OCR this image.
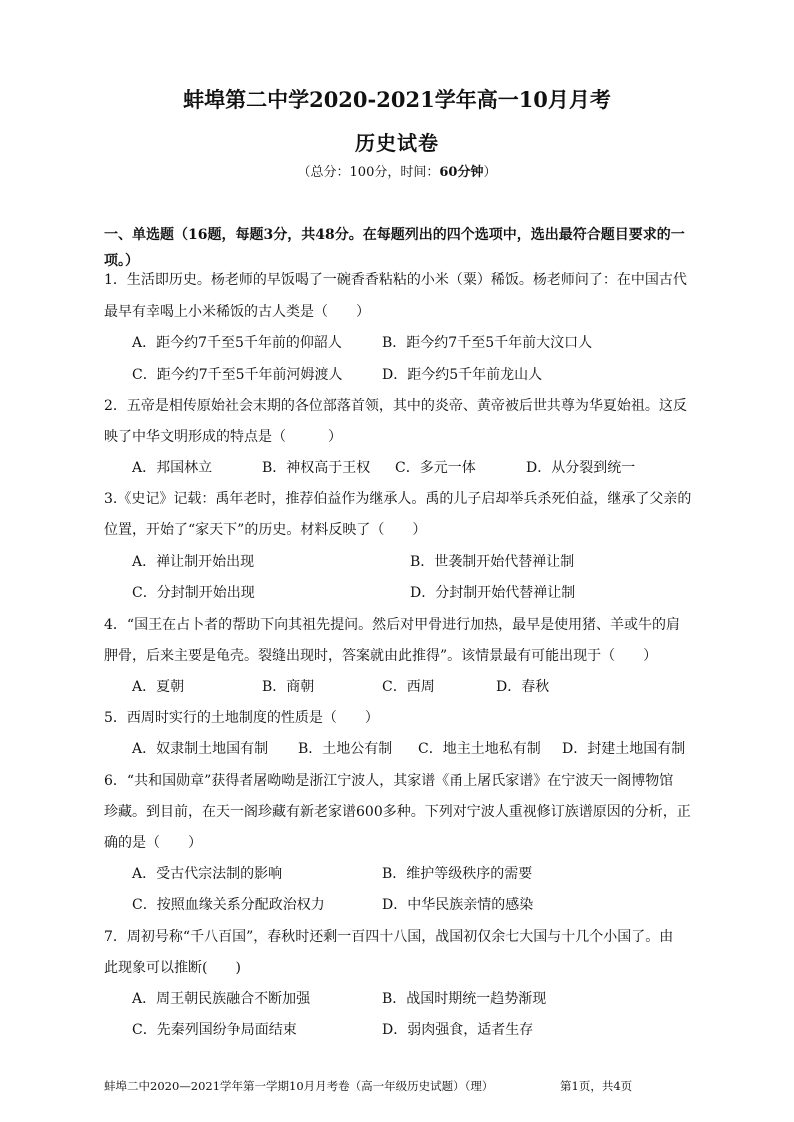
蚌埠第二中学2020-2021学年高一10月月考
历史试卷
（总分：100分，时间：60分钟）
一、单选题（16题，每题3分，共48分。在每题列出的四个选项中，选出最符合题目要求的一
项。）
1．生活即历史。杨老师的早饭喝了一碗香香粘粘的小米（粟）稀饭。杨老师问了：在中国古代
最早有幸喝上小米稀饭的古人类是（　　）
A．距今约7千至5千年前的仰韶人	B．距今约7千至5千年前大汶口人
C．距今约7千至5千年前河姆渡人	D．距今约5千年前龙山人
2．五帝是相传原始社会末期的各位部落首领，其中的炎帝、黄帝被后世共尊为华夏始祖。这反
映了中华文明形成的特点是（　　　）
A．邦国林立	B．神权高于王权 C．多元一体	D．从分裂到统一
3.《史记》记载：禹年老时，推荐伯益作为继承人。禹的儿子启却举兵杀死伯益，继承了父亲的
位置，开始了“家天下”的历史。材料反映了（　　）
A．禅让制开始出现	B．世袭制开始代替禅让制
C．分封制开始出现	D．分封制开始代替禅让制
4．“国王在占卜者的帮助下向其祖先提问。然后对甲骨进行加热，最早是使用猪、羊或牛的肩
胛骨，后来主要是龟壳。裂缝出现时，答案就由此推得”。该情景最有可能出现于（　　）
A．夏朝	B．商朝	C．西周	D．春秋
5．西周时实行的土地制度的性质是（　　）
A．奴隶制土地国有制 B．土地公有制 C．地主土地私有制 D．封建土地国有制
6．“共和国勋章”获得者屠呦呦是浙江宁波人，其家谱《甬上屠氏家谱》在宁波天一阁博物馆
珍藏。到目前，在天一阁珍藏有新老家谱600多种。下列对宁波人重视修订族谱原因的分析，正
确的是（　　）
A．受古代宗法制的影响	B．维护等级秩序的需要
C．按照血缘关系分配政治权力	D．中华民族亲情的感染
7．周初号称“千八百国”，春秋时还剩一百四十八国，战国初仅余七大国与十几个小国了。由
此现象可以推断(　　)
A．周王朝民族融合不断加强	B．战国时期统一趋势渐现
C．先秦列国纷争局面结束	D．弱肉强食，适者生存
蚌埠二中2020—2021学年第一学期10月月考卷（高一年级历史试题）（理）	第1页，共4页
